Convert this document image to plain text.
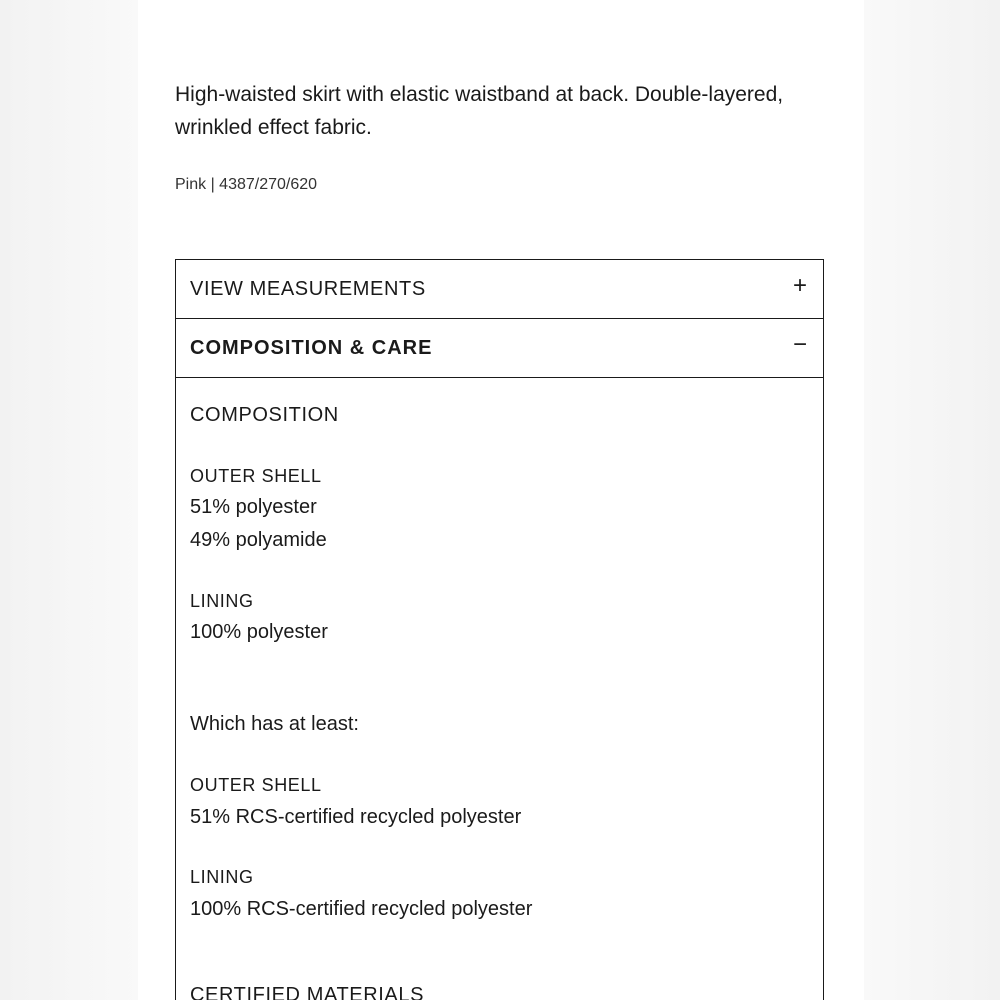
High-waisted skirt with elastic waistband at back. Double-layered, wrinkled effect fabric.

Pink | 4387/270/620

VIEW MEASUREMENTS	+
COMPOSITION & CARE	−

COMPOSITION

OUTER SHELL

51% polyester

49% polyamide

LINING

100% polyester

Which has at least:

OUTER SHELL

51% RCS-certified recycled polyester

LINING

100% RCS-certified recycled polyester

CERTIFIED MATERIALS
